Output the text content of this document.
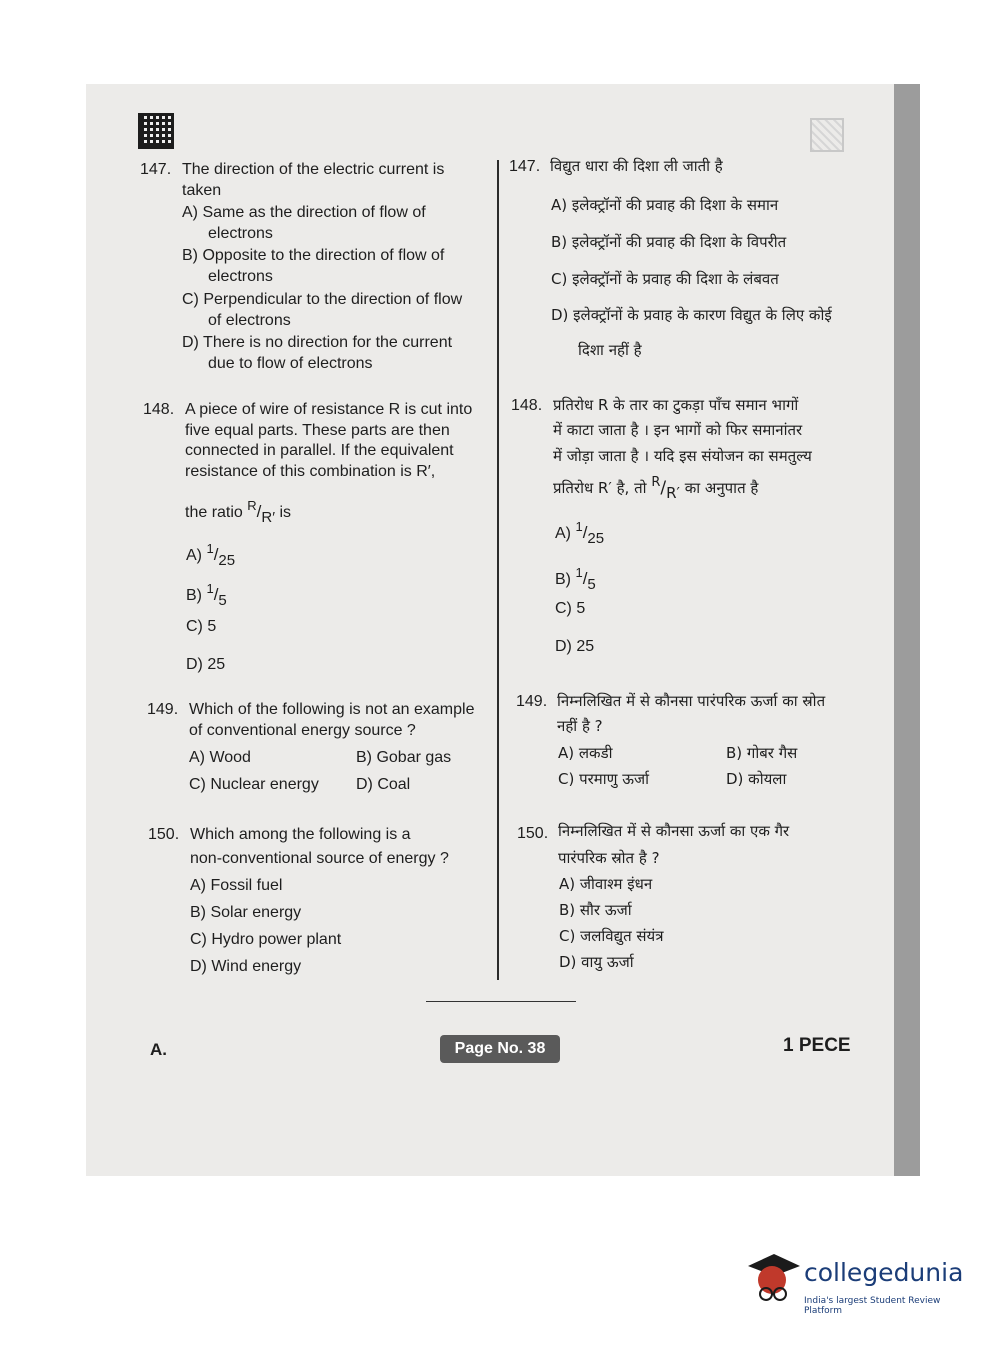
147. The direction of the electric current is
taken
A) Same as the direction of flow of
electrons
B) Opposite to the direction of flow of
electrons
C) Perpendicular to the direction of flow
of electrons
D) There is no direction for the current
due to flow of electrons
148. A piece of wire of resistance R is cut into
five equal parts. These parts are then
connected in parallel. If the equivalent
resistance of this combination is R′,
the ratio $^R/_{R'}$ is
A) $^1/_{25}$
B) $^1/_5$
C) 5
D) 25
149. Which of the following is not an example
of conventional energy source ?
A) Wood	B) Gobar gas
C) Nuclear energy D) Coal
150. Which among the following is a
non-conventional source of energy ?
A) Fossil fuel
B) Solar energy
C) Hydro power plant
D) Wind energy
147. विद्युत धारा की दिशा ली जाती है
A) इलेक्ट्रॉनों की प्रवाह की दिशा के समान
B) इलेक्ट्रॉनों की प्रवाह की दिशा के विपरीत
C) इलेक्ट्रॉनों के प्रवाह की दिशा के लंबवत
D) इलेक्ट्रॉनों के प्रवाह के कारण विद्युत के लिए कोई
दिशा नहीं है
148. प्रतिरोध R के तार का टुकड़ा पाँच समान भागों
में काटा जाता है । इन भागों को फिर समानांतर
में जोड़ा जाता है । यदि इस संयोजन का समतुल्य
प्रतिरोध R′ है, तो $^R/_{R'}$ का अनुपात है
A) $^1/_{25}$
B) $^1/_5$
C) 5
D) 25
149. निम्नलिखित में से कौनसा पारंपरिक ऊर्जा का स्रोत
नहीं है ?
A) लकडी	B) गोबर गैस
C) परमाणु ऊर्जा	D) कोयला
150. निम्नलिखित में से कौनसा ऊर्जा का एक गैर
पारंपरिक स्रोत है ?
A) जीवाश्म इंधन
B) सौर ऊर्जा
C) जलविद्युत संयंत्र
D) वायु ऊर्जा
A.	Page No. 38	1 PECE
collegedunia
India's largest Student Review Platform
